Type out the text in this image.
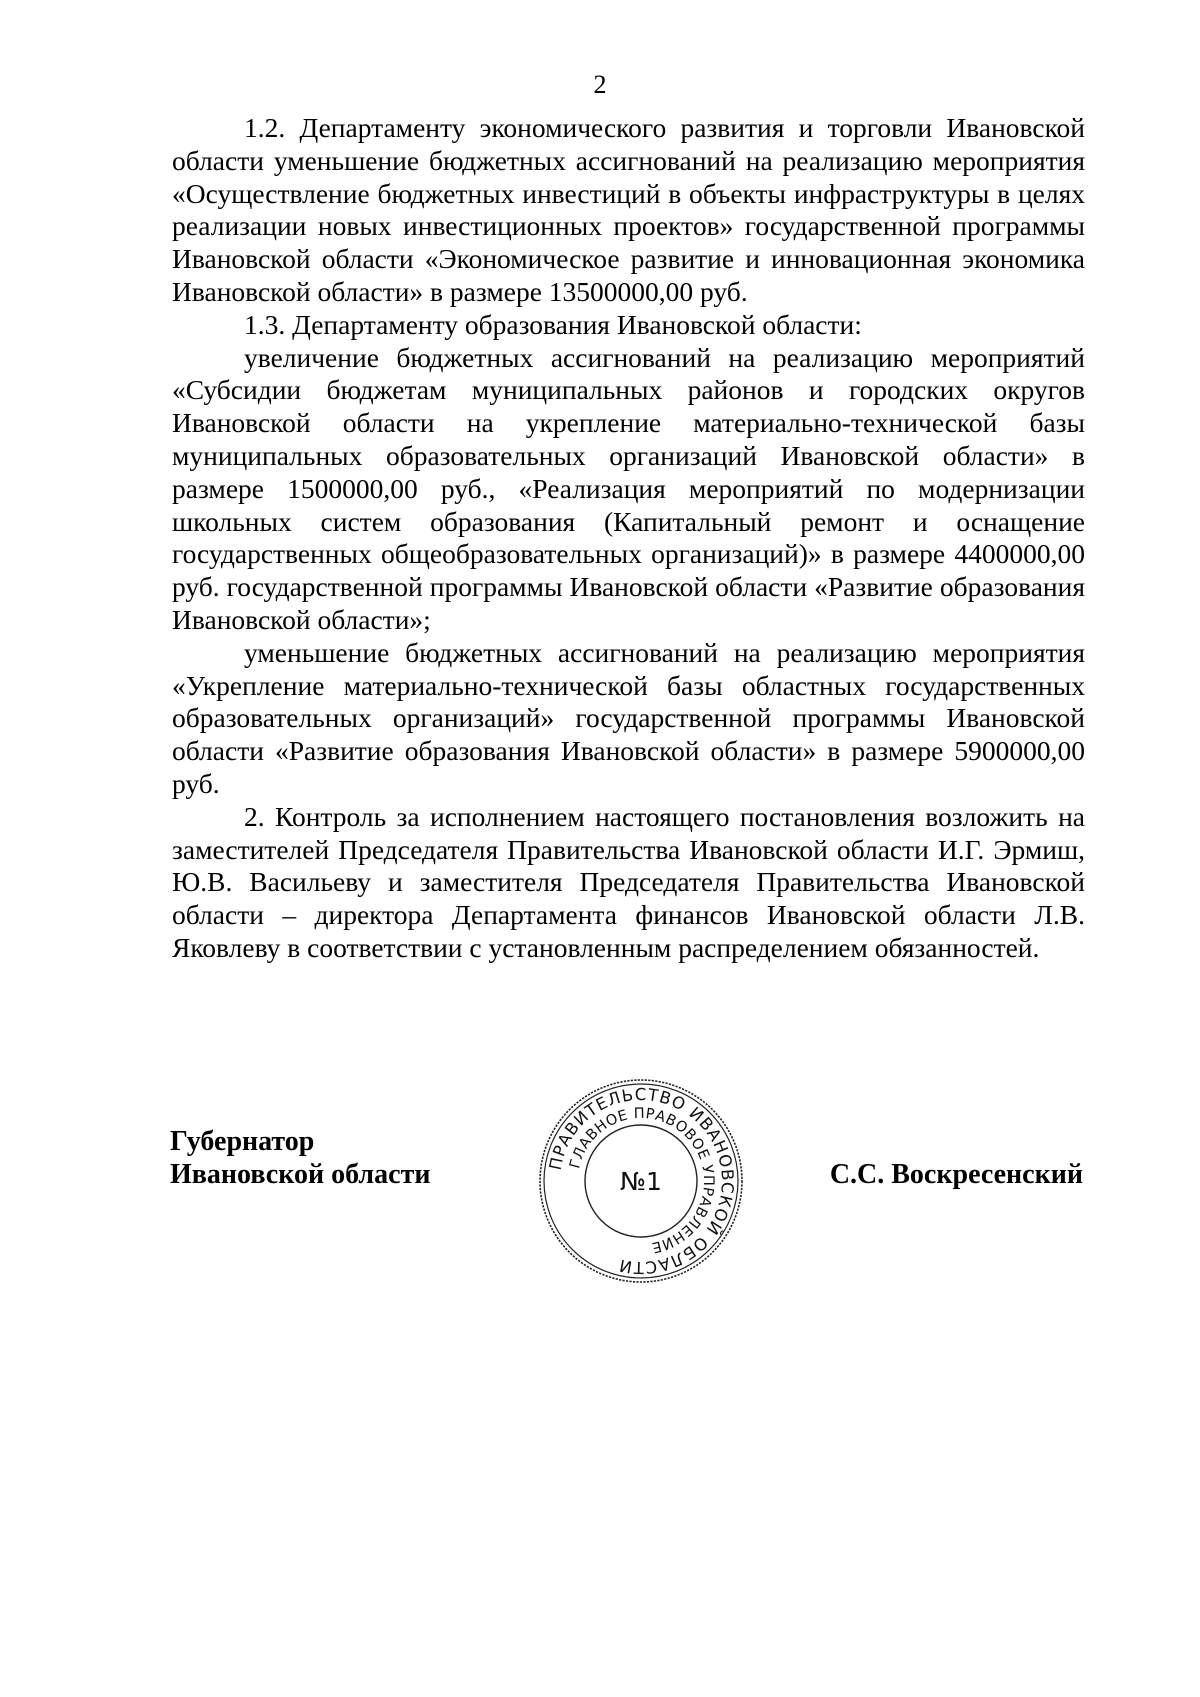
2

1.2. Департаменту экономического развития и торговли Ивановской области уменьшение бюджетных ассигнований на реализацию мероприятия «Осуществление бюджетных инвестиций в объекты инфраструктуры в целях реализации новых инвестиционных проектов» государственной программы Ивановской области «Экономическое развитие и инновационная экономика Ивановской области» в размере 13500000,00 руб.

1.3. Департаменту образования Ивановской области:

увеличение бюджетных ассигнований на реализацию мероприятий «Субсидии бюджетам муниципальных районов и городских округов Ивановской области на укрепление материально-технической базы муниципальных образовательных организаций Ивановской области» в размере 1500000,00 руб., «Реализация мероприятий по модернизации школьных систем образования (Капитальный ремонт и оснащение государственных общеобразовательных организаций)» в размере 4400000,00 руб. государственной программы Ивановской области «Развитие образования Ивановской области»;

уменьшение бюджетных ассигнований на реализацию мероприятия «Укрепление материально-технической базы областных государственных образовательных организаций» государственной программы Ивановской области «Развитие образования Ивановской области» в размере 5900000,00 руб.

2. Контроль за исполнением настоящего постановления возложить на заместителей Председателя Правительства Ивановской области И.Г. Эрмиш, Ю.В. Васильеву и заместителя Председателя Правительства Ивановской области – директора Департамента финансов Ивановской области Л.В. Яковлеву в соответствии с установленным распределением обязанностей.

Губернатор
Ивановской области	ПРАВИТЕЛЬСТВО ИВАНОВСКОЙ ОБЛАСТИ
ГЛАВНОЕ ПРАВОВОЕ УПРАВЛЕНИЕ
№1	С.С. Воскресенский
